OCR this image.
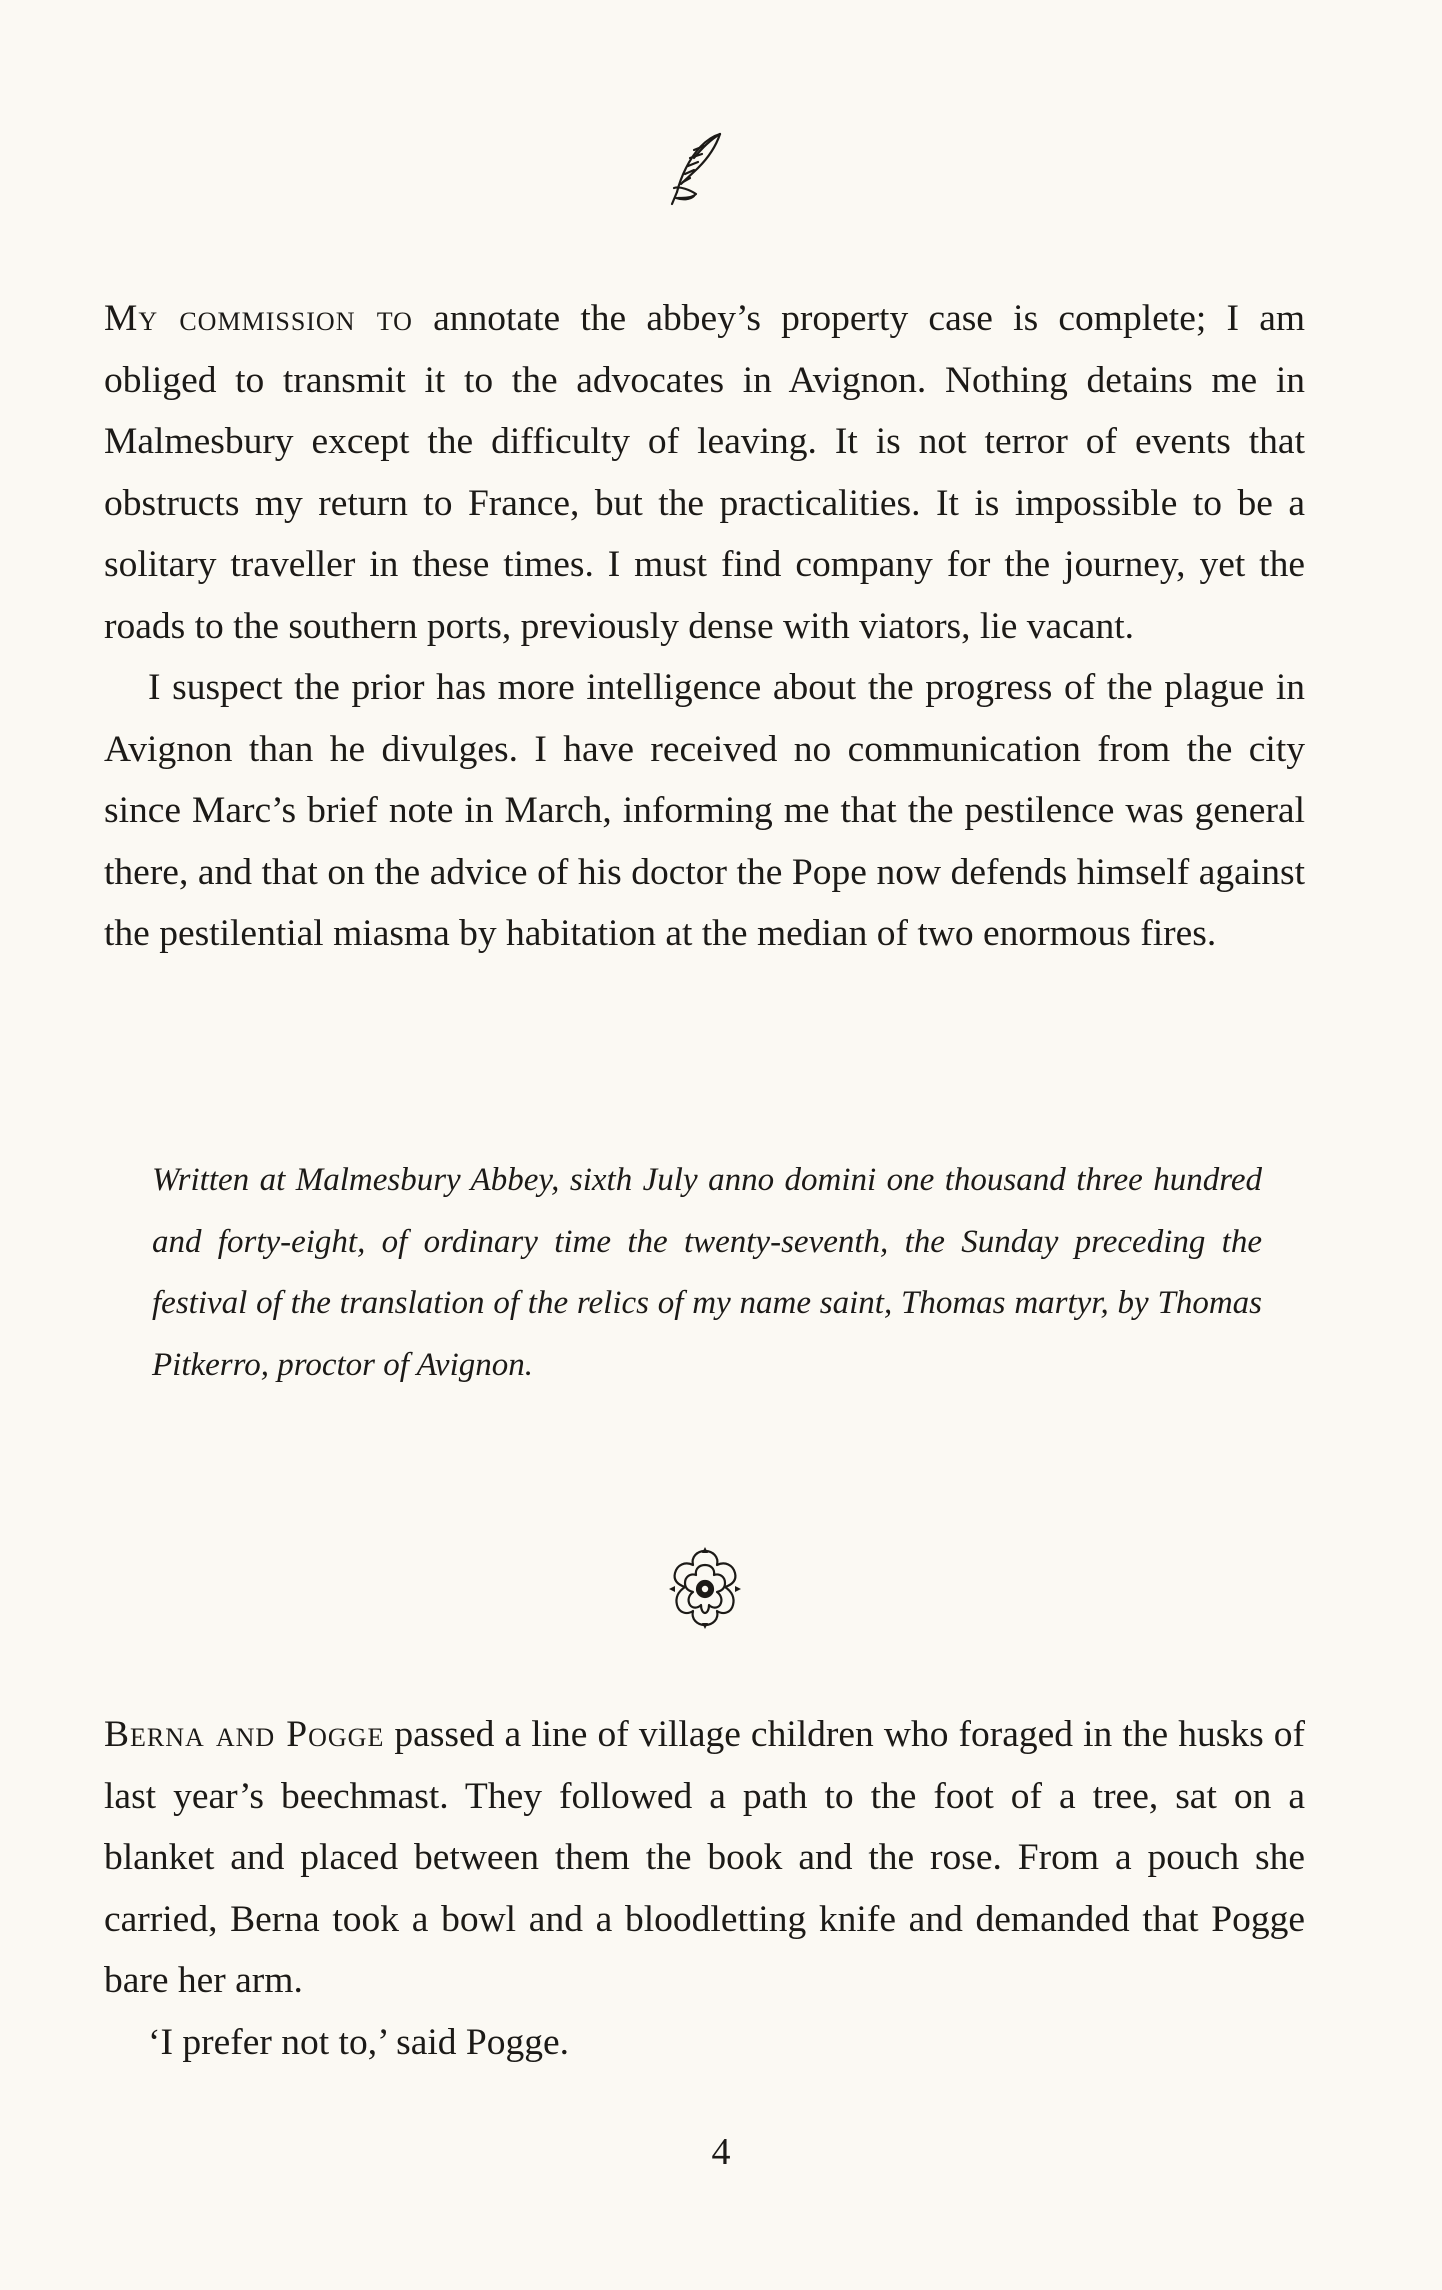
My commission to annotate the abbey’s property case is complete; I am obliged to transmit it to the advocates in Avignon. Nothing detains me in Malmesbury except the difficulty of leaving. It is not terror of events that obstructs my return to France, but the practicalities. It is impossible to be a solitary traveller in these times. I must find company for the journey, yet the roads to the southern ports, previously dense with viators, lie vacant.

I suspect the prior has more intelligence about the progress of the plague in Avignon than he divulges. I have received no communication from the city since Marc’s brief note in March, informing me that the pestilence was general there, and that on the advice of his doctor the Pope now defends himself against the pestilential miasma by habitation at the median of two enormous fires.

Written at Malmesbury Abbey, sixth July anno domini one thousand three hundred and forty-eight, of ordinary time the twenty-seventh, the Sunday preceding the festival of the translation of the relics of my name saint, Thomas martyr, by Thomas Pitkerro, proctor of Avignon.

Berna and Pogge passed a line of village children who foraged in the husks of last year’s beechmast. They followed a path to the foot of a tree, sat on a blanket and placed between them the book and the rose. From a pouch she carried, Berna took a bowl and a bloodletting knife and demanded that Pogge bare her arm.

‘I prefer not to,’ said Pogge.

4
